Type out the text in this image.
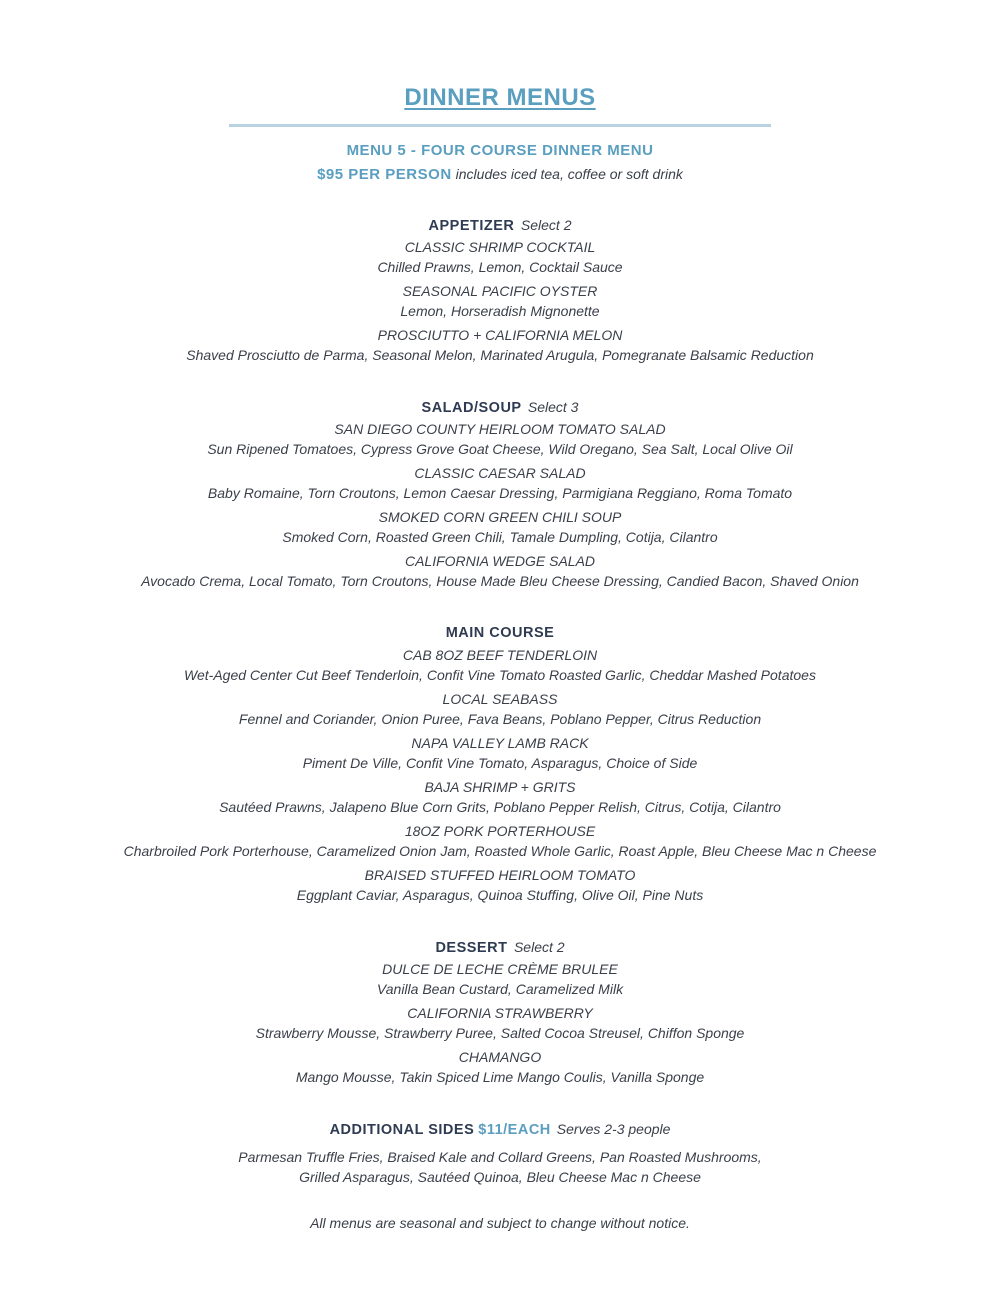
DINNER MENUS
MENU 5 - FOUR COURSE DINNER MENU
$95 PER PERSON includes iced tea, coffee or soft drink
APPETIZER Select 2
CLASSIC SHRIMP COCKTAIL
Chilled Prawns, Lemon, Cocktail Sauce
SEASONAL PACIFIC OYSTER
Lemon, Horseradish Mignonette
PROSCIUTTO + CALIFORNIA MELON
Shaved Prosciutto de Parma, Seasonal Melon, Marinated Arugula, Pomegranate Balsamic Reduction
SALAD/SOUP Select 3
SAN DIEGO COUNTY HEIRLOOM TOMATO SALAD
Sun Ripened Tomatoes, Cypress Grove Goat Cheese, Wild Oregano, Sea Salt, Local Olive Oil
CLASSIC CAESAR SALAD
Baby Romaine, Torn Croutons, Lemon Caesar Dressing, Parmigiana Reggiano, Roma Tomato
SMOKED CORN GREEN CHILI SOUP
Smoked Corn, Roasted Green Chili, Tamale Dumpling, Cotija, Cilantro
CALIFORNIA WEDGE SALAD
Avocado Crema, Local Tomato, Torn Croutons, House Made Bleu Cheese Dressing, Candied Bacon, Shaved Onion
MAIN COURSE
CAB 8OZ BEEF TENDERLOIN
Wet-Aged Center Cut Beef Tenderloin, Confit Vine Tomato Roasted Garlic, Cheddar Mashed Potatoes
LOCAL SEABASS
Fennel and Coriander, Onion Puree, Fava Beans, Poblano Pepper, Citrus Reduction
NAPA VALLEY LAMB RACK
Piment De Ville, Confit Vine Tomato, Asparagus, Choice of Side
BAJA SHRIMP + GRITS
Sautéed Prawns, Jalapeno Blue Corn Grits, Poblano Pepper Relish, Citrus, Cotija, Cilantro
18OZ PORK PORTERHOUSE
Charbroiled Pork Porterhouse, Caramelized Onion Jam, Roasted Whole Garlic, Roast Apple, Bleu Cheese Mac n Cheese
BRAISED STUFFED HEIRLOOM TOMATO
Eggplant Caviar, Asparagus, Quinoa Stuffing, Olive Oil, Pine Nuts
DESSERT Select 2
DULCE DE LECHE CRÈME BRULEE
Vanilla Bean Custard, Caramelized Milk
CALIFORNIA STRAWBERRY
Strawberry Mousse, Strawberry Puree, Salted Cocoa Streusel, Chiffon Sponge
CHAMANGO
Mango Mousse, Takin Spiced Lime Mango Coulis, Vanilla Sponge
ADDITIONAL SIDES $11/EACH Serves 2-3 people
Parmesan Truffle Fries, Braised Kale and Collard Greens, Pan Roasted Mushrooms,
Grilled Asparagus, Sautéed Quinoa, Bleu Cheese Mac n Cheese
All menus are seasonal and subject to change without notice.
